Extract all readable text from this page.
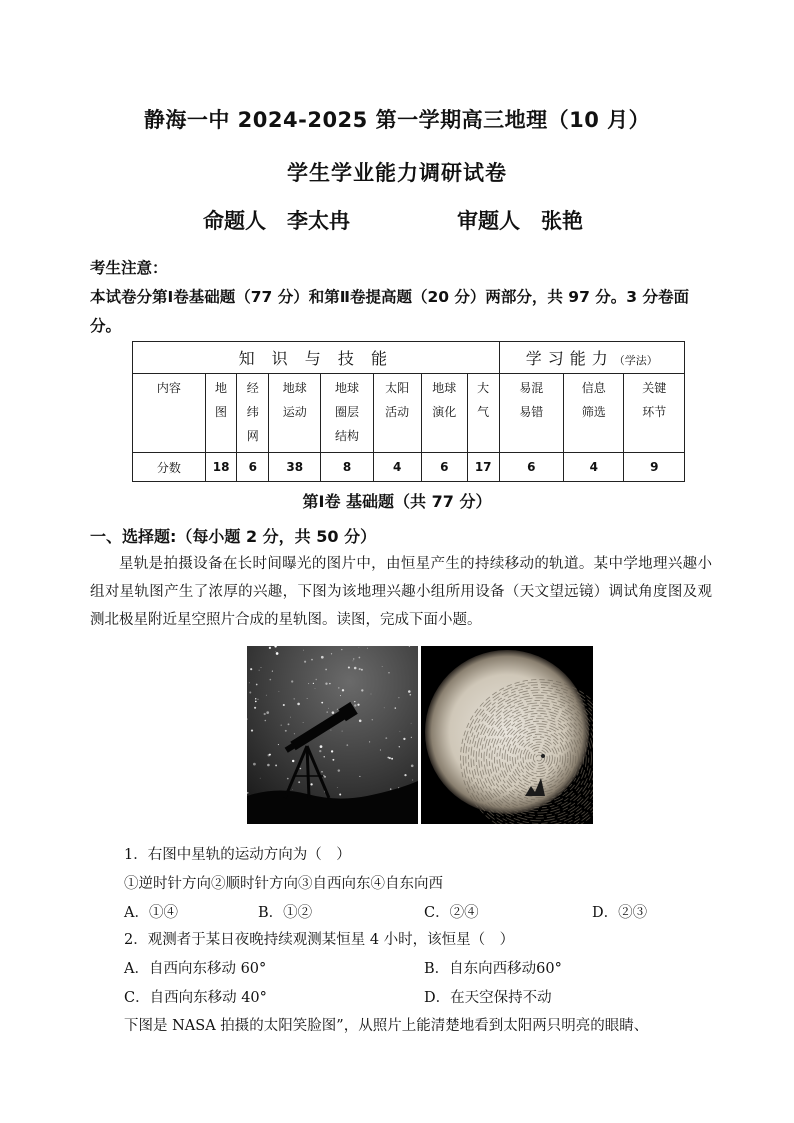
静海一中 2024-2025 第一学期高三地理（10 月）
学生学业能力调研试卷
命题人　李太冉	审题人　张艳
考生注意：
本试卷分第Ⅰ卷基础题（77 分）和第Ⅱ卷提高题（20 分）两部分，共 97 分。3 分卷面分。
知 识 与 技 能								学习能力（学法）		
内容	地图	经纬网	地球运动	地球圈层结构	太阳活动	地球演化	大气	易混易错	信息筛选	关键环节
分数	18	6	38	8	4	6	17	6	4	9
第Ⅰ卷 基础题（共 77 分）
一、选择题:（每小题 2 分，共 50 分）
星轨是拍摄设备在长时间曝光的图片中，由恒星产生的持续移动的轨道。某中学地理兴趣小组对星轨图产生了浓厚的兴趣，下图为该地理兴趣小组所用设备（天文望远镜）调试角度图及观测北极星附近星空照片合成的星轨图。读图，完成下面小题。
1．右图中星轨的运动方向为（　）
①逆时针方向②顺时针方向③自西向东④自东向西
A．①④	B．①②	C．②④	D．②③
2．观测者于某日夜晚持续观测某恒星 4 小时，该恒星（　）
A．自西向东移动 60°	B．自东向西移动60°
C．自西向东移动 40°	D．在天空保持不动
下图是 NASA 拍摄的太阳笑脸图”，从照片上能清楚地看到太阳两只明亮的眼睛、
